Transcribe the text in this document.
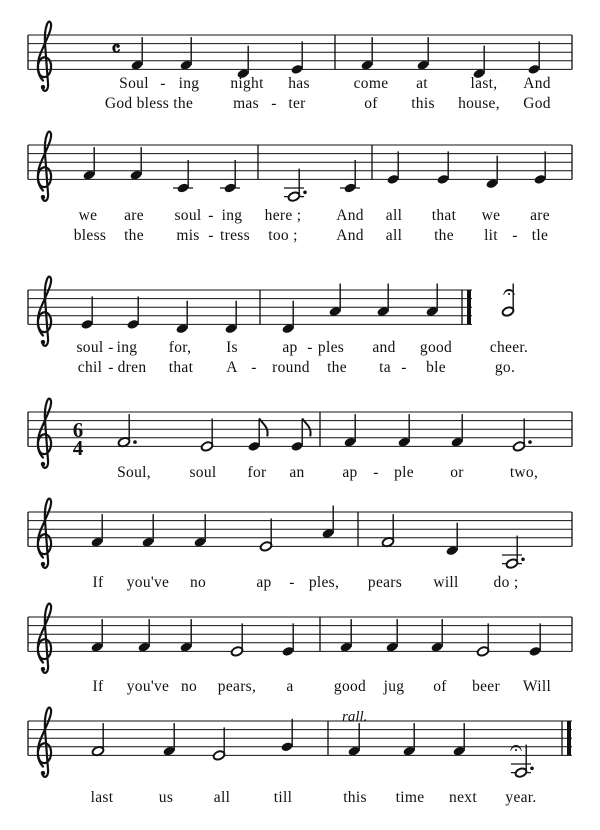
Soul - ing night has	come at	last, And
God bless the	mas - ter	of this house, God
we are soul - ing here ; And all that we are
bless the mis - tress too ; And all the lit - tle
soul - ing for, Is	ap - ples and good cheer.
chil - dren that A - round the ta - ble	go.
Soul, soul for an ap - ple or	two,
If you've no	ap - ples, pears will do ;
If you've no pears, a	good jug of beer Will
last	us	all	till	this time next year.
𝄴
6
4
𝄐
𝄐
rall.
